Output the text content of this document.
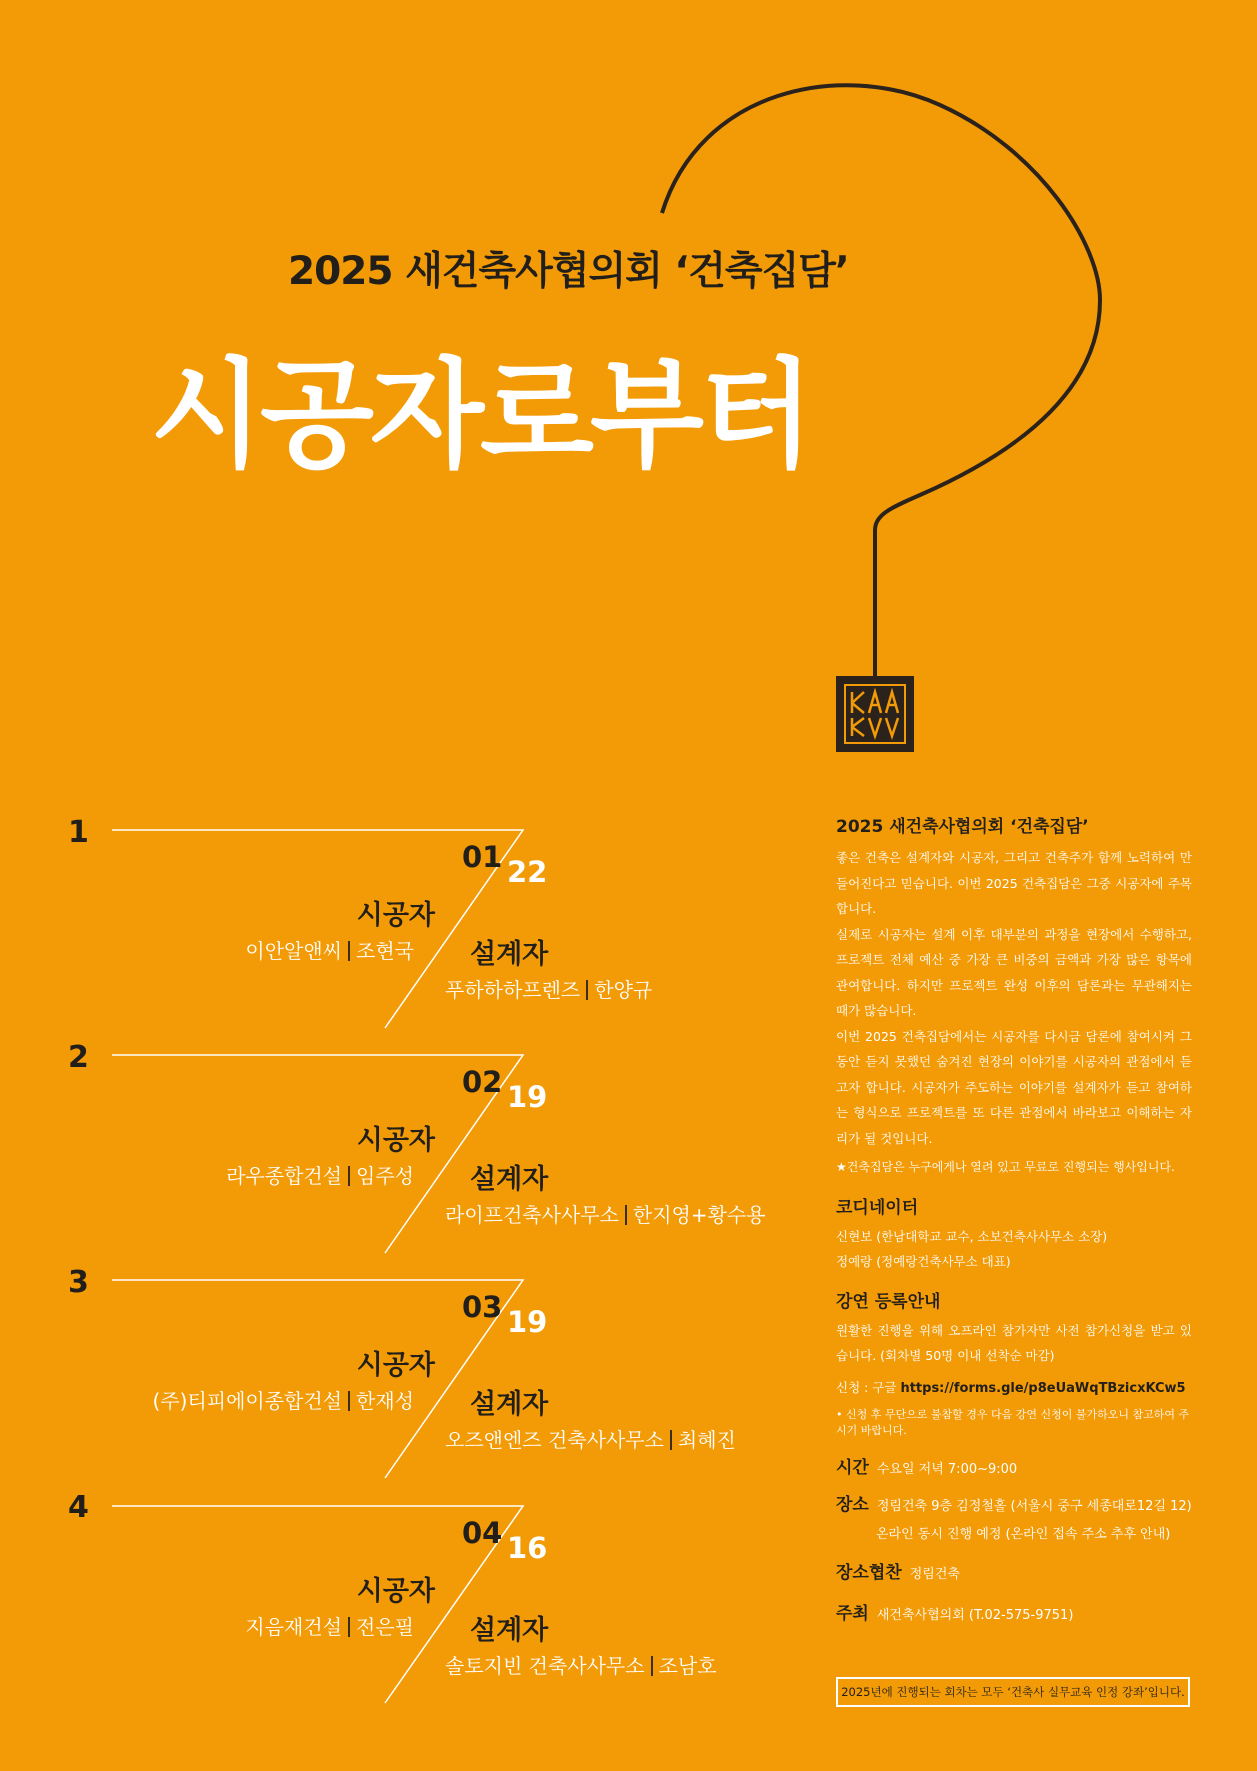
2025 새건축사협의회 ‘건축집담’
시공자로부터
1
01 22
시공자
이안알앤씨 조현국 설계자
푸하하하프렌즈 한양규
2
02 19
시공자
라우종합건설 임주성 설계자
라이프건축사사무소 한지영+황수용
3
03 19
시공자
(주)티피에이종합건설 한재성 설계자
오즈앤엔즈 건축사사무소 최혜진
4
04 16
시공자
지음재건설 전은필 설계자
솔토지빈 건축사사무소 조남호

2025 새건축사협의회 ‘건축집담’

좋은 건축은 설계자와 시공자, 그리고 건축주가 함께 노력하여 만들어진다고 믿습니다. 이번 2025 건축집담은 그중 시공자에 주목합니다.

실제로 시공자는 설계 이후 대부분의 과정을 현장에서 수행하고, 프로젝트 전체 예산 중 가장 큰 비중의 금액과 가장 많은 항목에 관여합니다. 하지만 프로젝트 완성 이후의 담론과는 무관해지는 때가 많습니다.

이번 2025 건축집담에서는 시공자를 다시금 담론에 참여시켜 그동안 듣지 못했던 숨겨진 현장의 이야기를 시공자의 관점에서 듣고자 합니다. 시공자가 주도하는 이야기를 설계자가 듣고 참여하는 형식으로 프로젝트를 또 다른 관점에서 바라보고 이해하는 자리가 될 것입니다.

★건축집담은 누구에게나 열려 있고 무료로 진행되는 행사입니다.

코디네이터

신현보 (한남대학교 교수, 소보건축사사무소 소장)

정예랑 (정예랑건축사무소 대표)

강연 등록안내

원활한 진행을 위해 오프라인 참가자만 사전 참가신청을 받고 있습니다. (회차별 50명 이내 선착순 마감)

신청 : 구글 https://forms.gle/p8eUaWqTBzicxKCw5

• 신청 후 무단으로 불참할 경우 다음 강연 신청이 불가하오니 참고하여 주시기 바랍니다.

시간 수요일 저녁 7:00~9:00
장소 정림건축 9층 김정철홀 (서울시 중구 세종대로12길 12)
온라인 동시 진행 예정 (온라인 접속 주소 추후 안내)
장소협찬 정림건축
주최 새건축사협의회 (T.02-575-9751)
2025년에 진행되는 회차는 모두 ‘건축사 실무교육 인정 강좌’입니다.
